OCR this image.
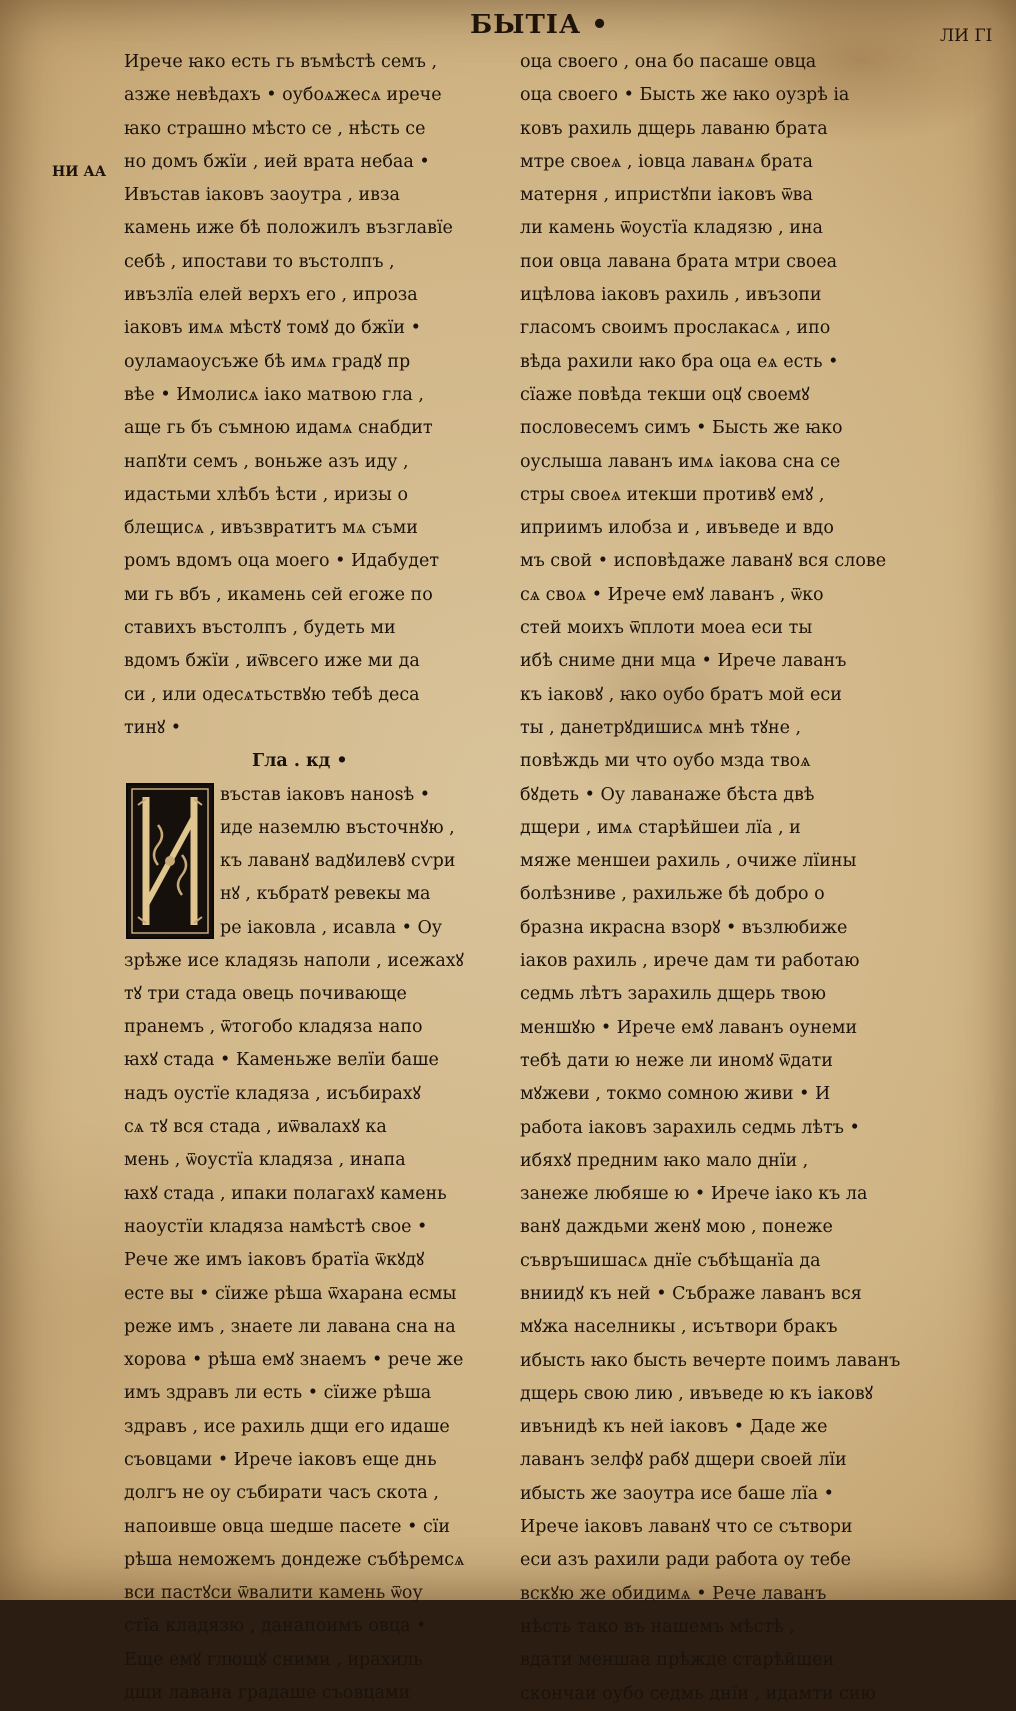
БЫТІА •	ЛИ ГІ
НИ АА
Ирече ꙗко есть гь въмѣстѣ семъ ,
азже невѣдахъ • оубоѧжесѧ ирече
ꙗко страшно мѣсто се , нѣсть се
но домъ бжїи , ией врата небаа •
Ивъстав іаковъ заоутра , ивза
камень иже бѣ положилъ възглавїе
себѣ , ипостави то въстолпъ ,
ивъзлїа елей верхъ его , ипроза
іаковъ имѧ мѣстꙋ томꙋ до бжїи •
оуламаоусъже бѣ имѧ градꙋ пр
вѣе • Имолисѧ іако матвою гла ,
аще гь бъ съмною идамѧ снабдит
напꙋти семъ , воньже азъ иду ,
идастьми хлѣбъ ѣсти , иризы о
блещисѧ , ивъзвратитъ мѧ съми
ромъ вдомъ оца моего • Идабудет
ми гь вбъ , икамень сей егоже по
ставихъ въстолпъ , будеть ми
вдомъ бжїи , иѿвсего иже ми да
си , или одесѧтьствꙋю тебѣ деса
тинꙋ •
Гла . кд •
въстав іаковъ наноѕѣ •
иде наземлю въсточнꙋю ,
къ лаванꙋ вадꙋилевꙋ сѵри
нꙋ , къбратꙋ ревекы ма
ре іаковла , исавла • Оу
зрѣже исе кладязь наполи , исежахꙋ
тꙋ три стада овець почивающе
пранемъ , ѿтогобо кладяза напо
ꙗхꙋ стада • Каменьже велїи баше
надъ оустїе кладяза , исъбирахꙋ
сѧ тꙋ вся стада , иѿвалахꙋ ка
мень , ѿоустїа кладяза , инапа
ꙗхꙋ стада , ипаки полагахꙋ камень
наоустїи кладяза намѣстѣ свое •
Рече же имъ іаковъ братїа ѿкꙋдꙋ
есте вы • сїиже рѣша ѿхарана есмы
реже имъ , знаете ли лавана сна на
хорова • рѣша емꙋ знаемъ • рече же
имъ здравъ ли есть • сїиже рѣша
здравъ , исе рахиль дщи его идаше
съовцами • Ирече іаковъ еще днь
долгъ не оу събирати часъ скота ,
напоивше овца шедше пасете • сїи
рѣша неможемъ дондеже събѣремсѧ
вси пастꙋси ѿвалити камень ѿоу
стїа кладязю , данапоимъ овца •
Еще емꙋ глющꙋ сними , ирахиль
дщи лавана градаше съовцами
оца своего , она бо пасаше овца
оца своего • Бысть же ꙗко оузрѣ іа
ковъ рахиль дщерь лаваню брата
мтре своеѧ , іовца лаванѧ брата
матерня , ипристꙋпи іаковъ ѿва
ли камень ѿоустїа кладязю , ина
пои овца лавана брата мтри своеа
ицѣлова іаковъ рахиль , ивъзопи
гласомъ своимъ прослакасѧ , ипо
вѣда рахили ꙗко бра оца еѧ есть •
сїаже повѣда текши оцꙋ своемꙋ
пословесемъ симъ • Бысть же ꙗко
оуслыша лаванъ имѧ іакова сна се
стры своеѧ итекши противꙋ емꙋ ,
иприимъ илобза и , ивъведе и вдо
мъ свой • исповѣдаже лаванꙋ вся слове
сѧ своѧ • Ирече емꙋ лаванъ , ѿко
стей моихъ ѿплоти моеа еси ты
ибѣ сниме дни мца • Ирече лаванъ
къ іаковꙋ , ꙗко оубо братъ мой еси
ты , данетрꙋдишисѧ мнѣ тꙋне ,
повѣждь ми что оубо мзда твоѧ
бꙋдеть • Оу лаванаже бѣста двѣ
дщери , имѧ старѣйшеи лїа , и
мяже меншеи рахиль , очиже лїины
болѣзниве , рахильже бѣ добро о
бразна икрасна взорꙋ • възлюбиже
іаков рахиль , ирече дам ти работаю
седмь лѣтъ зарахиль дщерь твою
меншꙋю • Ирече емꙋ лаванъ оунеми
тебѣ дати ю неже ли иномꙋ ѿдати
мꙋжеви , токмо сомною живи • И
работа іаковъ зарахиль седмь лѣтъ •
ибяхꙋ предним ꙗко мало днїи ,
занеже любяше ю • Ирече іако къ ла
ванꙋ даждьми женꙋ мою , понеже
съвръшишасѧ днїе събѣщанїа да
вниидꙋ къ ней • Събраже лаванъ вся
мꙋжа населникы , исътвори бракъ
ибысть ꙗко бысть вечерте поимъ лаванъ
дщерь свою лию , ивъведе ю къ іаковꙋ
ивънидѣ къ ней іаковъ • Даде же
лаванъ зелфꙋ рабꙋ дщери своей лїи
ибысть же заоутра исе баше лїа •
Ирече іаковъ лаванꙋ что се сътвори
еси азъ рахили ради работа оу тебе
вскꙋю же обидимѧ • Рече лаванъ
нѣсть тако въ нашемъ мѣстѣ ,
вдати меншаа прѣжде старѣйшеи
скончаи оубо седмь днїи , идамти сию
